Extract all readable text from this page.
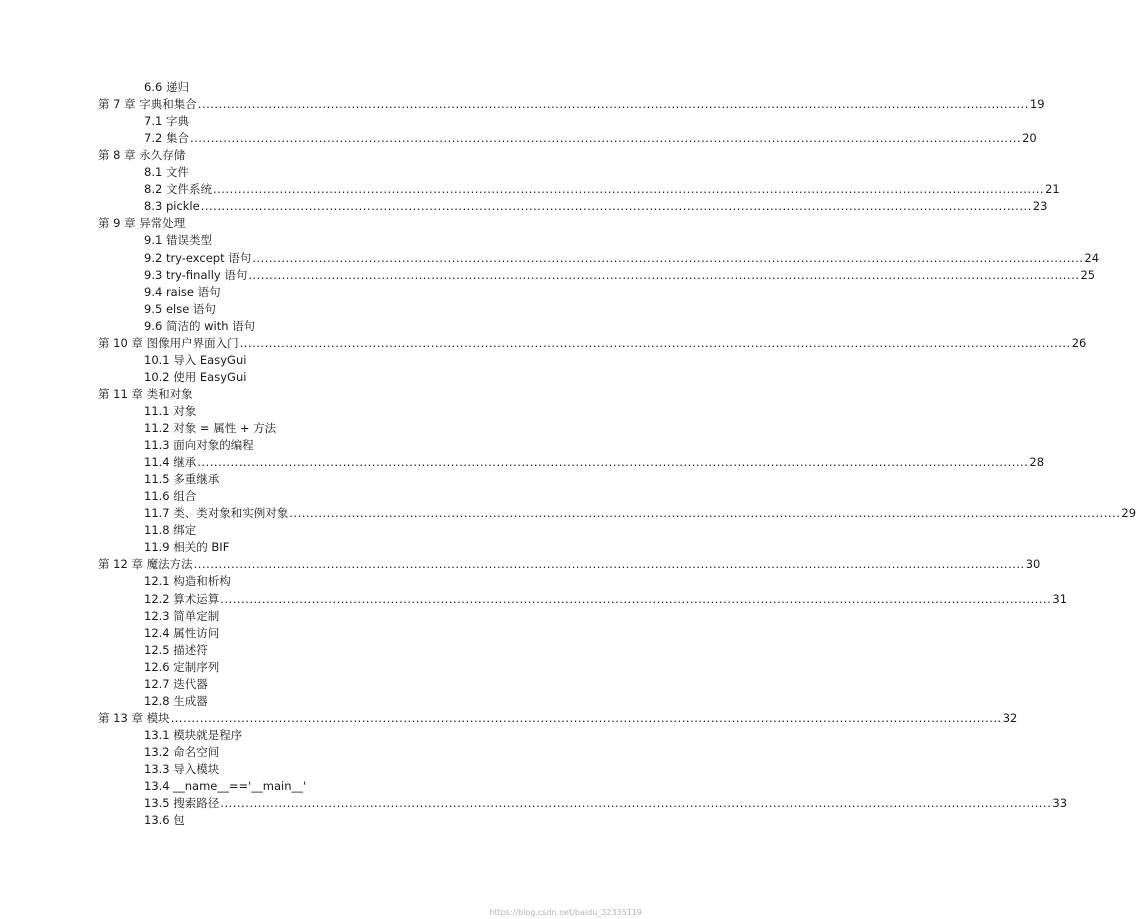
6.6 递归
第 7 章 字典和集合 ........................................................................................................................................................................................................ 19
7.1 字典
7.2 集合 ........................................................................................................................................................................................................ 20
第 8 章 永久存储
8.1 文件
8.2 文件系统 ........................................................................................................................................................................................................ 21
8.3 pickle ........................................................................................................................................................................................................ 23
第 9 章 异常处理
9.1 错误类型
9.2 try-except 语句 ........................................................................................................................................................................................................ 24
9.3 try-finally 语句 ........................................................................................................................................................................................................ 25
9.4 raise 语句
9.5 else 语句
9.6 简洁的 with 语句
第 10 章 图像用户界面入门 ........................................................................................................................................................................................................ 26
10.1 导入 EasyGui
10.2 使用 EasyGui
第 11 章 类和对象
11.1 对象
11.2 对象 = 属性 + 方法
11.3 面向对象的编程
11.4 继承 ........................................................................................................................................................................................................ 28
11.5 多重继承
11.6 组合
11.7 类、类对象和实例对象 ........................................................................................................................................................................................................ 29
11.8 绑定
11.9 相关的 BIF
第 12 章 魔法方法 ........................................................................................................................................................................................................ 30
12.1 构造和析构
12.2 算术运算 ........................................................................................................................................................................................................ 31
12.3 简单定制
12.4 属性访问
12.5 描述符
12.6 定制序列
12.7 迭代器
12.8 生成器
第 13 章 模块 ........................................................................................................................................................................................................ 32
13.1 模块就是程序
13.2 命名空间
13.3 导入模块
13.4 __name__=='__main__'
13.5 搜索路径 ........................................................................................................................................................................................................ 33
13.6 包
https://blog.csdn.net/baidu_32335119
